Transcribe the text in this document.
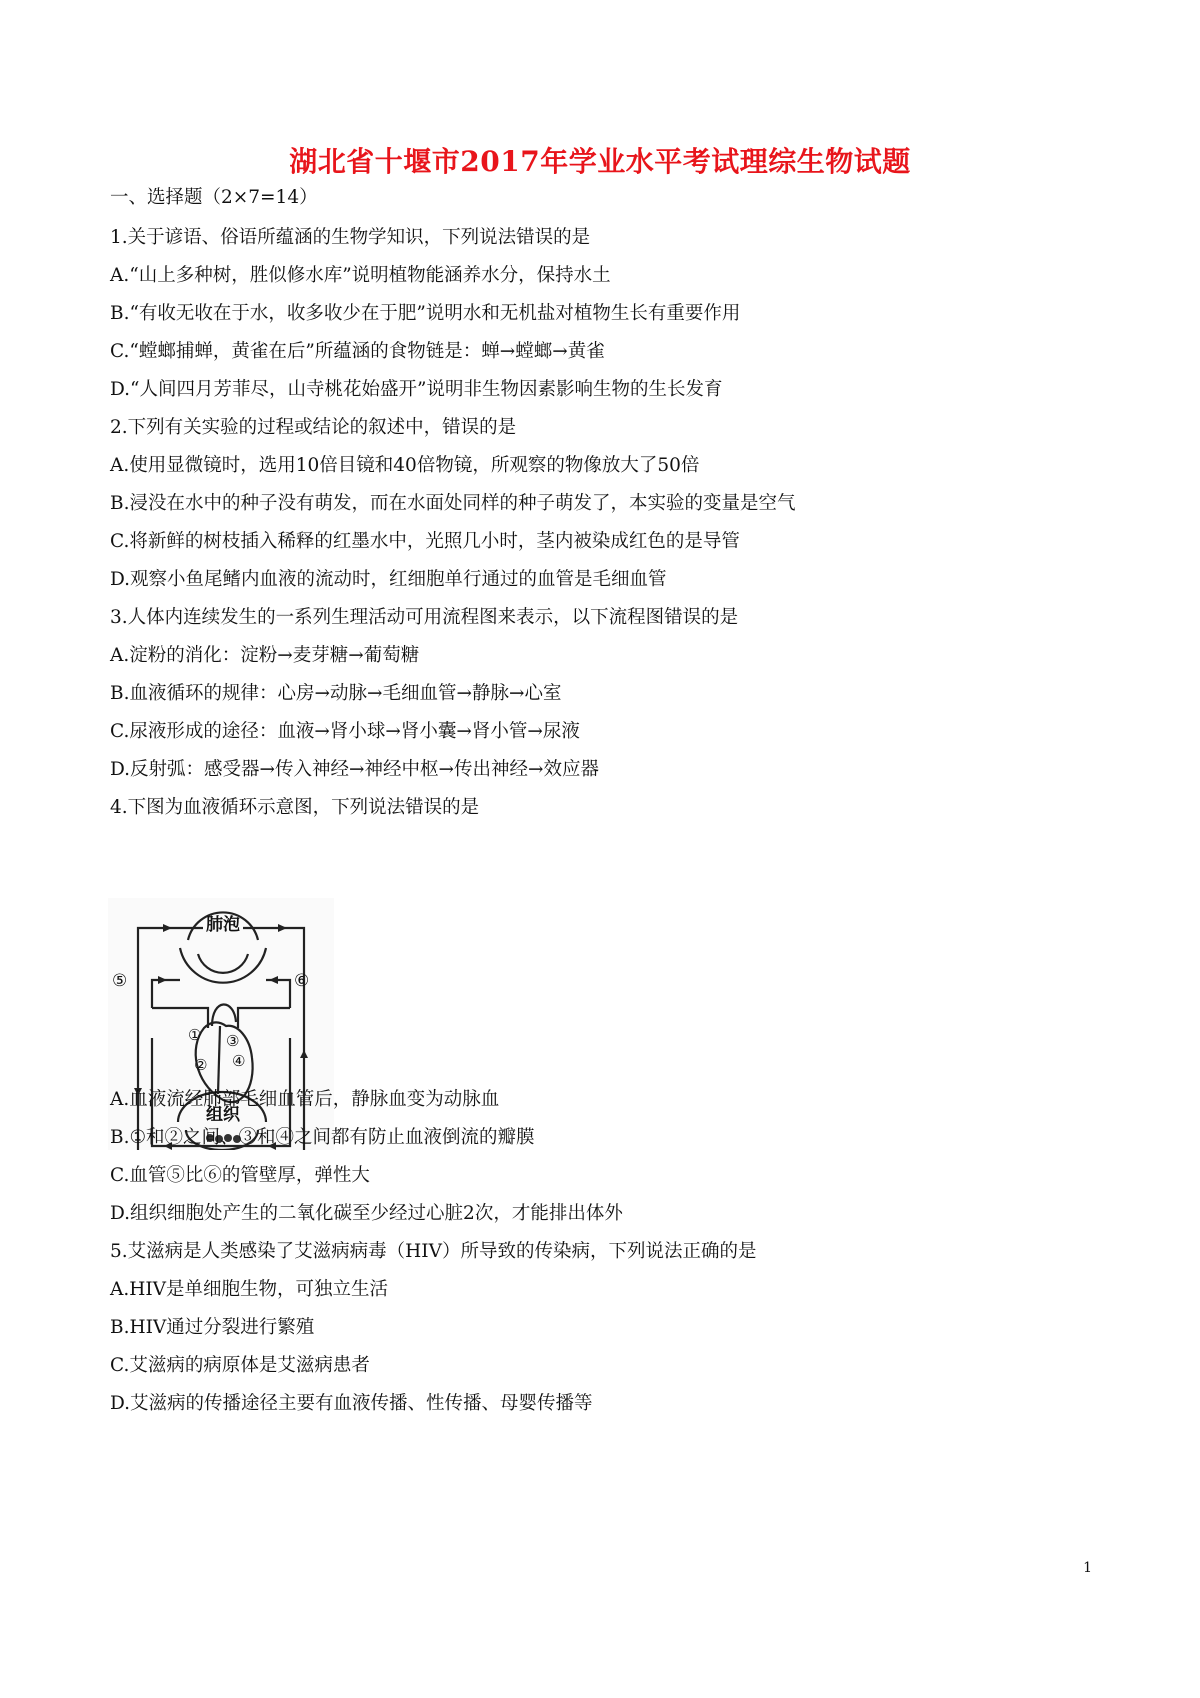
湖北省十堰市2017年学业水平考试理综生物试题
一、选择题（2×7=14）
1.关于谚语、俗语所蕴涵的生物学知识，下列说法错误的是
A.“山上多种树，胜似修水库”说明植物能涵养水分，保持水土
B.“有收无收在于水，收多收少在于肥”说明水和无机盐对植物生长有重要作用
C.“螳螂捕蝉，黄雀在后”所蕴涵的食物链是：蝉→螳螂→黄雀
D.“人间四月芳菲尽，山寺桃花始盛开”说明非生物因素影响生物的生长发育
2.下列有关实验的过程或结论的叙述中，错误的是
A.使用显微镜时，选用10倍目镜和40倍物镜，所观察的物像放大了50倍
B.浸没在水中的种子没有萌发，而在水面处同样的种子萌发了，本实验的变量是空气
C.将新鲜的树枝插入稀释的红墨水中，光照几小时，茎内被染成红色的是导管
D.观察小鱼尾鳍内血液的流动时，红细胞单行通过的血管是毛细血管
3.人体内连续发生的一系列生理活动可用流程图来表示，以下流程图错误的是
A.淀粉的消化：淀粉→麦芽糖→葡萄糖
B.血液循环的规律：心房→动脉→毛细血管→静脉→心室
C.尿液形成的途径：血液→肾小球→肾小囊→肾小管→尿液
D.反射弧：感受器→传入神经→神经中枢→传出神经→效应器
4.下图为血液循环示意图，下列说法错误的是
肺泡
组织
⑤	⑥
①
②
③
④
A.血液流经肺部毛细血管后，静脉血变为动脉血
B.①和②之间、③和④之间都有防止血液倒流的瓣膜
C.血管⑤比⑥的管壁厚，弹性大
D.组织细胞处产生的二氧化碳至少经过心脏2次，才能排出体外
5.艾滋病是人类感染了艾滋病病毒（HIV）所导致的传染病，下列说法正确的是
A.HIV是单细胞生物，可独立生活
B.HIV通过分裂进行繁殖
C.艾滋病的病原体是艾滋病患者
D.艾滋病的传播途径主要有血液传播、性传播、母婴传播等
1
